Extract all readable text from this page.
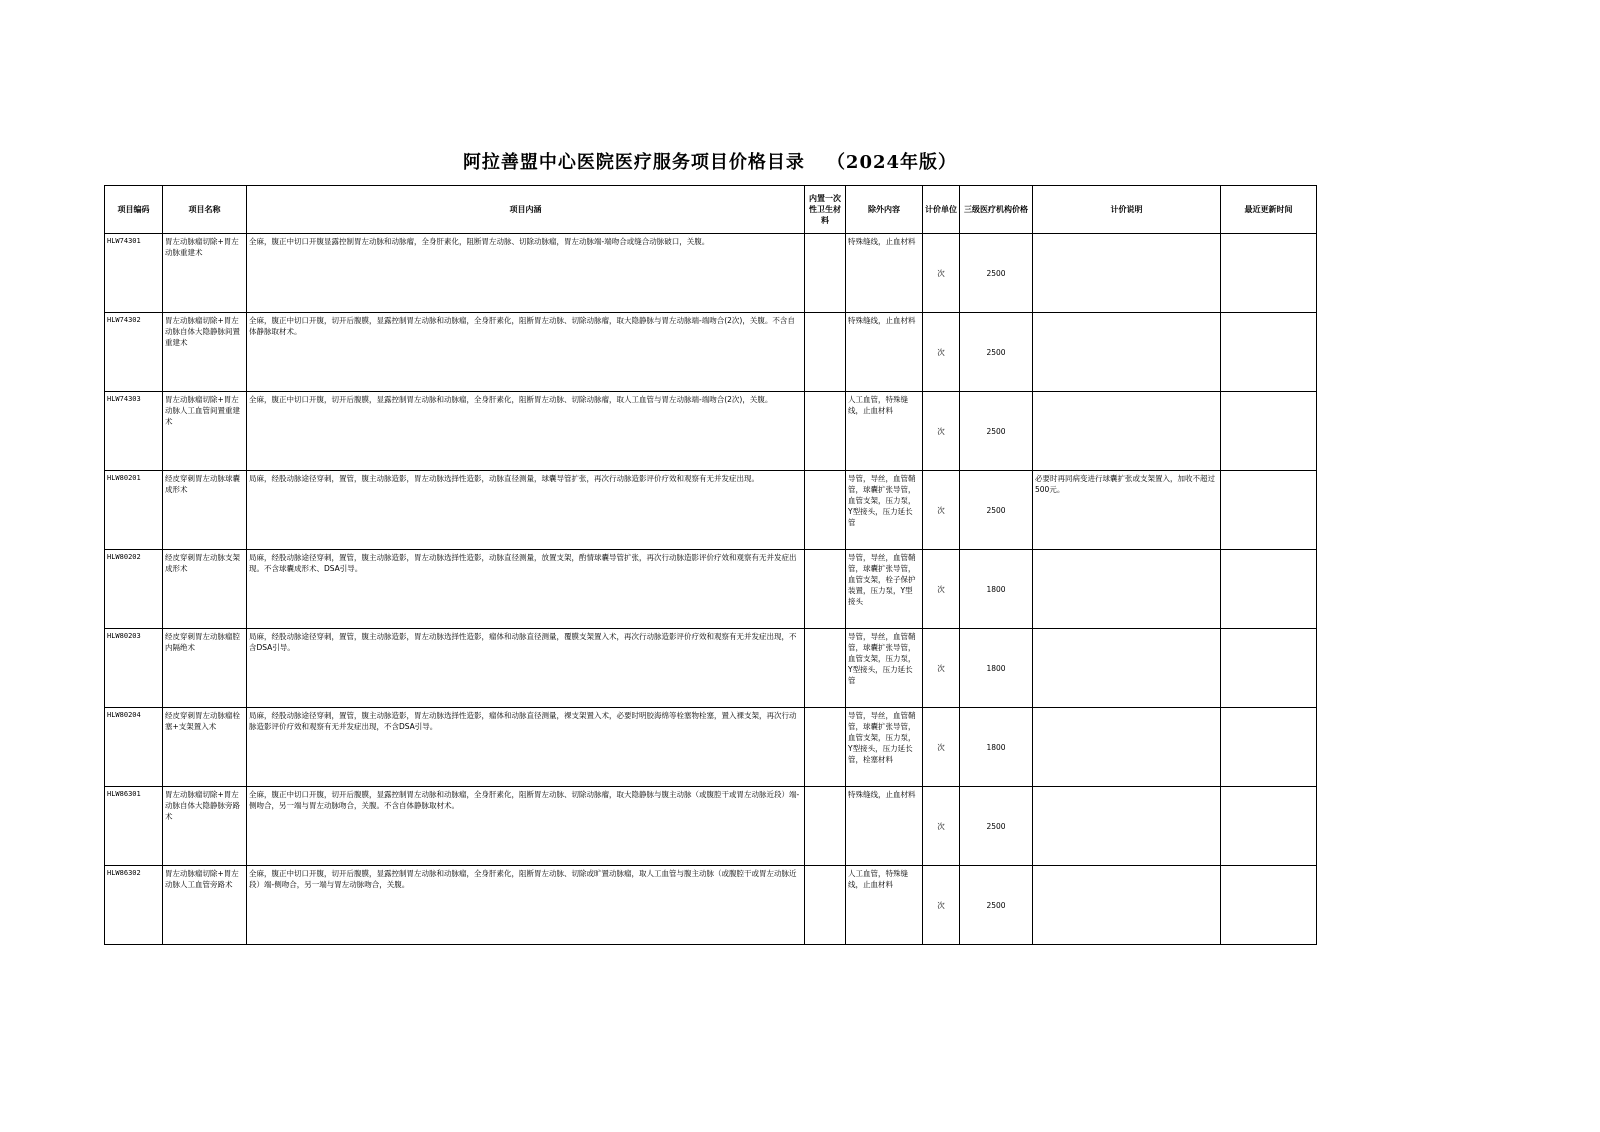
阿拉善盟中心医院医疗服务项目价格目录 （2024年版）
项目编码	项目名称	项目内涵	内置一次性卫生材料	除外内容	计价单位	三级医疗机构价格	计价说明	最近更新时间
HLW74301	胃左动脉瘤切除+胃左动脉重建术	全麻，腹正中切口开腹显露控制胃左动脉和动脉瘤，全身肝素化，阻断胃左动脉、切除动脉瘤，胃左动脉端-端吻合或缝合动脉破口，关腹。		特殊缝线，止血材料	次	2500		
HLW74302	胃左动脉瘤切除+胃左动脉自体大隐静脉间置重建术	全麻，腹正中切口开腹，切开后腹膜，显露控制胃左动脉和动脉瘤，全身肝素化，阻断胃左动脉、切除动脉瘤，取大隐静脉与胃左动脉端-端吻合(2次)，关腹。不含自体静脉取材术。		特殊缝线，止血材料	次	2500		
HLW74303	胃左动脉瘤切除+胃左动脉人工血管间置重建术	全麻，腹正中切口开腹，切开后腹膜，显露控制胃左动脉和动脉瘤，全身肝素化，阻断胃左动脉、切除动脉瘤，取人工血管与胃左动脉端-端吻合(2次)，关腹。		人工血管，特殊缝线，止血材料	次	2500		
HLW80201	经皮穿刺胃左动脉球囊成形术	局麻，经股动脉途径穿刺，置管，腹主动脉造影，胃左动脉选择性造影，动脉直径测量，球囊导管扩张，再次行动脉造影评价疗效和观察有无并发症出现。		导管，导丝，血管鞘管，球囊扩张导管，血管支架，压力泵，Y型接头，压力延长管	次	2500	必要时再同病变进行球囊扩张或支架置入，加收不超过500元。	
HLW80202	经皮穿刺胃左动脉支架成形术	局麻，经股动脉途径穿刺，置管，腹主动脉造影，胃左动脉选择性造影，动脉直径测量，放置支架，酌情球囊导管扩张，再次行动脉造影评价疗效和观察有无并发症出现。不含球囊成形术、DSA引导。		导管，导丝，血管鞘管，球囊扩张导管，血管支架，栓子保护装置，压力泵，Y型接头	次	1800		
HLW80203	经皮穿刺胃左动脉瘤腔内隔绝术	局麻，经股动脉途径穿刺，置管，腹主动脉造影，胃左动脉选择性造影，瘤体和动脉直径测量，覆膜支架置入术，再次行动脉造影评价疗效和观察有无并发症出现，不含DSA引导。		导管，导丝，血管鞘管，球囊扩张导管，血管支架，压力泵，Y型接头，压力延长管	次	1800		
HLW80204	经皮穿刺胃左动脉瘤栓塞+支架置入术	局麻，经股动脉途径穿刺，置管，腹主动脉造影，胃左动脉选择性造影，瘤体和动脉直径测量，裸支架置入术，必要时明胶海绵等栓塞物栓塞，置入裸支架，再次行动脉造影评价疗效和观察有无并发症出现，不含DSA引导。		导管，导丝，血管鞘管，球囊扩张导管，血管支架，压力泵，Y型接头，压力延长管，栓塞材料	次	1800		
HLW86301	胃左动脉瘤切除+胃左动脉自体大隐静脉旁路术	全麻，腹正中切口开腹，切开后腹膜，显露控制胃左动脉和动脉瘤，全身肝素化，阻断胃左动脉、切除动脉瘤，取大隐静脉与腹主动脉（或腹腔干或胃左动脉近段）端-侧吻合，另一端与胃左动脉吻合，关腹。不含自体静脉取材术。		特殊缝线，止血材料	次	2500		
HLW86302	胃左动脉瘤切除+胃左动脉人工血管旁路术	全麻，腹正中切口开腹，切开后腹膜，显露控制胃左动脉和动脉瘤，全身肝素化，阻断胃左动脉、切除或旷置动脉瘤，取人工血管与腹主动脉（或腹腔干或胃左动脉近段）端-侧吻合，另一端与胃左动脉吻合，关腹。		人工血管，特殊缝线，止血材料	次	2500		
